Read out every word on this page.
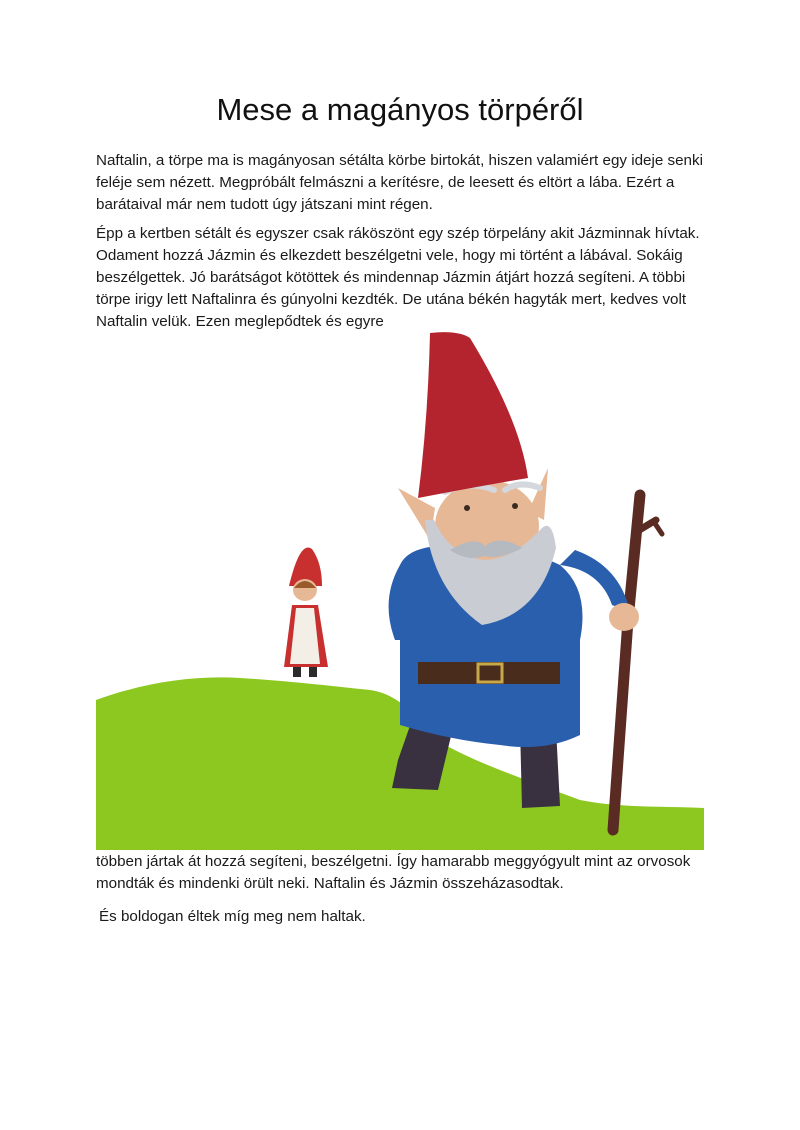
Mese a magányos törpéről
Naftalin, a törpe ma is magányosan sétálta körbe birtokát, hiszen valamiért egy ideje senki
feléje sem nézett. Megpróbált felmászni a kerítésre, de leesett és eltört a lába. Ezért a
barátaival már nem tudott úgy játszani mint régen.
Épp a kertben sétált és egyszer csak ráköszönt egy szép törpelány akit Jázminnak hívtak.
Odament hozzá Jázmin és elkezdett beszélgetni vele, hogy mi történt a lábával. Sokáig
beszélgettek. Jó barátságot kötöttek és mindennap Jázmin átjárt hozzá segíteni. A többi
törpe irigy lett Naftalinra és gúnyolni kezdték. De utána békén hagyták mert, kedves volt
Naftalin velük. Ezen meglepődtek és egyre
többen jártak át hozzá segíteni, beszélgetni. Így hamarabb meggyógyult mint az orvosok
mondták és mindenki örült neki. Naftalin és Jázmin összeházasodtak.
És boldogan éltek míg meg nem haltak.
